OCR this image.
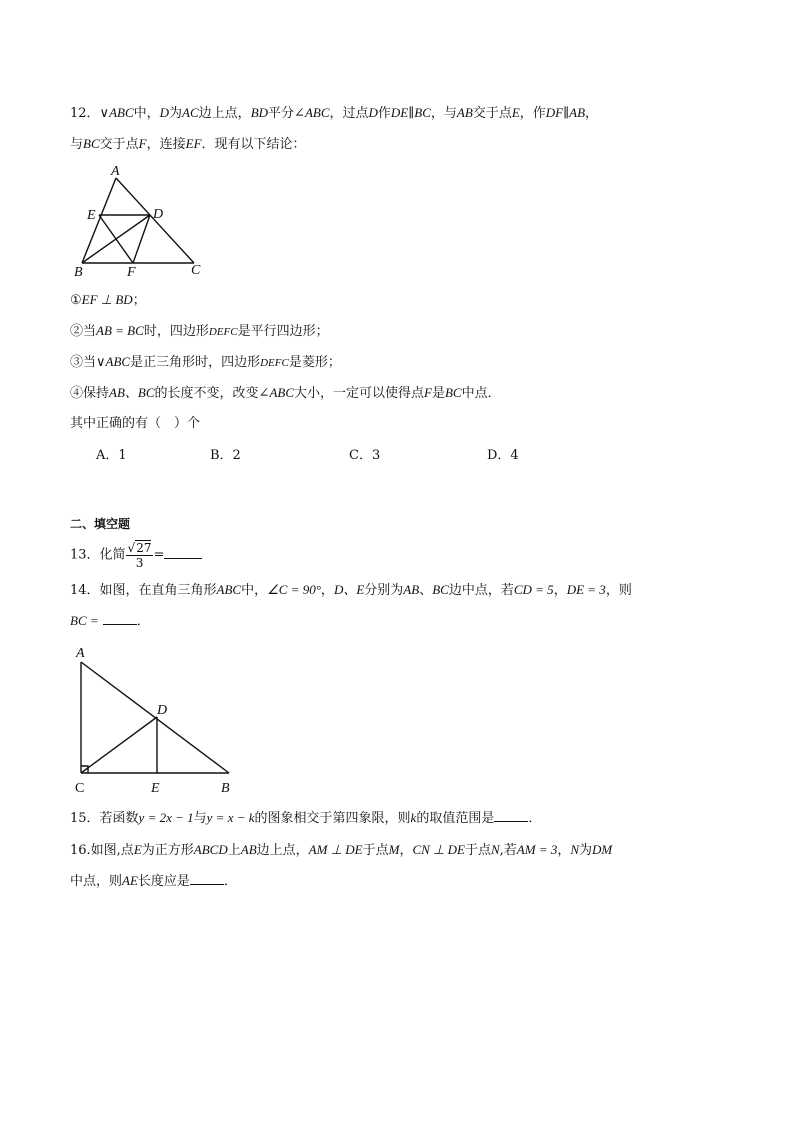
12．∨ABC中，D为AC边上点，BD平分∠ABC，过点D作DE∥BC，与AB交于点E，作DF∥AB，
与BC交于点F，连接EF．现有以下结论：
A
E	D
B	F	C
①EF ⊥ BD；
②当AB = BC时，四边形DEFC是平行四边形；
③当∨ABC是正三角形时，四边形DEFC是菱形；
④保持AB、BC的长度不变，改变∠ABC大小，一定可以使得点F是BC中点．
其中正确的有（　）个
A．1	B．2	C．3	D．4
二、填空题
13．化简 $\frac{√27}{3}$ =
14．如图，在直角三角形ABC中，∠C = 90°，D、E分别为AB、BC边中点，若CD = 5，DE = 3，则
BC =	．
A
D
C	E	B
15．若函数y = 2x − 1与y = x − k的图象相交于第四象限，则k的取值范围是	．
16.如图,点E为正方形ABCD上AB边上点，AM ⊥ DE于点M，CN ⊥ DE于点N,若AM = 3，N为DM
中点，则AE长度应是	．
